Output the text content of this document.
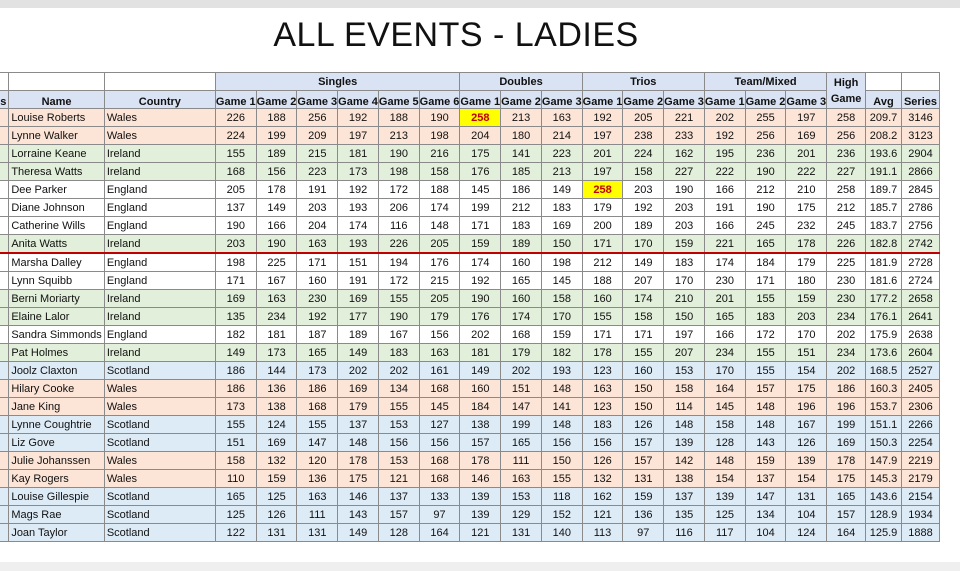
ALL EVENTS - LADIES
			Singles						Doubles			Trios			Team/Mixed			High Game		
s	Name	Country	Game 1	Game 2	Game 3	Game 4	Game 5	Game 6	Game 1	Game 2	Game 3	Game 1	Game 2	Game 3	Game 1	Game 2	Game 3		Avg	Series
	Louise Roberts	Wales	226	188	256	192	188	190	258	213	163	192	205	221	202	255	197	258	209.7	3146
	Lynne Walker	Wales	224	199	209	197	213	198	204	180	214	197	238	233	192	256	169	256	208.2	3123
	Lorraine Keane	Ireland	155	189	215	181	190	216	175	141	223	201	224	162	195	236	201	236	193.6	2904
	Theresa Watts	Ireland	168	156	223	173	198	158	176	185	213	197	158	227	222	190	222	227	191.1	2866
	Dee Parker	England	205	178	191	192	172	188	145	186	149	258	203	190	166	212	210	258	189.7	2845
	Diane Johnson	England	137	149	203	193	206	174	199	212	183	179	192	203	191	190	175	212	185.7	2786
	Catherine Wills	England	190	166	204	174	116	148	171	183	169	200	189	203	166	245	232	245	183.7	2756
	Anita Watts	Ireland	203	190	163	193	226	205	159	189	150	171	170	159	221	165	178	226	182.8	2742
	Marsha Dalley	England	198	225	171	151	194	176	174	160	198	212	149	183	174	184	179	225	181.9	2728
	Lynn Squibb	England	171	167	160	191	172	215	192	165	145	188	207	170	230	171	180	230	181.6	2724
	Berni Moriarty	Ireland	169	163	230	169	155	205	190	160	158	160	174	210	201	155	159	230	177.2	2658
	Elaine Lalor	Ireland	135	234	192	177	190	179	176	174	170	155	158	150	165	183	203	234	176.1	2641
	Sandra Simmonds	England	182	181	187	189	167	156	202	168	159	171	171	197	166	172	170	202	175.9	2638
	Pat Holmes	Ireland	149	173	165	149	183	163	181	179	182	178	155	207	234	155	151	234	173.6	2604
	Joolz Claxton	Scotland	186	144	173	202	202	161	149	202	193	123	160	153	170	155	154	202	168.5	2527
	Hilary Cooke	Wales	186	136	186	169	134	168	160	151	148	163	150	158	164	157	175	186	160.3	2405
	Jane King	Wales	173	138	168	179	155	145	184	147	141	123	150	114	145	148	196	196	153.7	2306
	Lynne Coughtrie	Scotland	155	124	155	137	153	127	138	199	148	183	126	148	158	148	167	199	151.1	2266
	Liz Gove	Scotland	151	169	147	148	156	156	157	165	156	156	157	139	128	143	126	169	150.3	2254
	Julie Johanssen	Wales	158	132	120	178	153	168	178	111	150	126	157	142	148	159	139	178	147.9	2219
	Kay Rogers	Wales	110	159	136	175	121	168	146	163	155	132	131	138	154	137	154	175	145.3	2179
	Louise Gillespie	Scotland	165	125	163	146	137	133	139	153	118	162	159	137	139	147	131	165	143.6	2154
	Mags Rae	Scotland	125	126	111	143	157	97	139	129	152	121	136	135	125	134	104	157	128.9	1934
	Joan Taylor	Scotland	122	131	131	149	128	164	121	131	140	113	97	116	117	104	124	164	125.9	1888
